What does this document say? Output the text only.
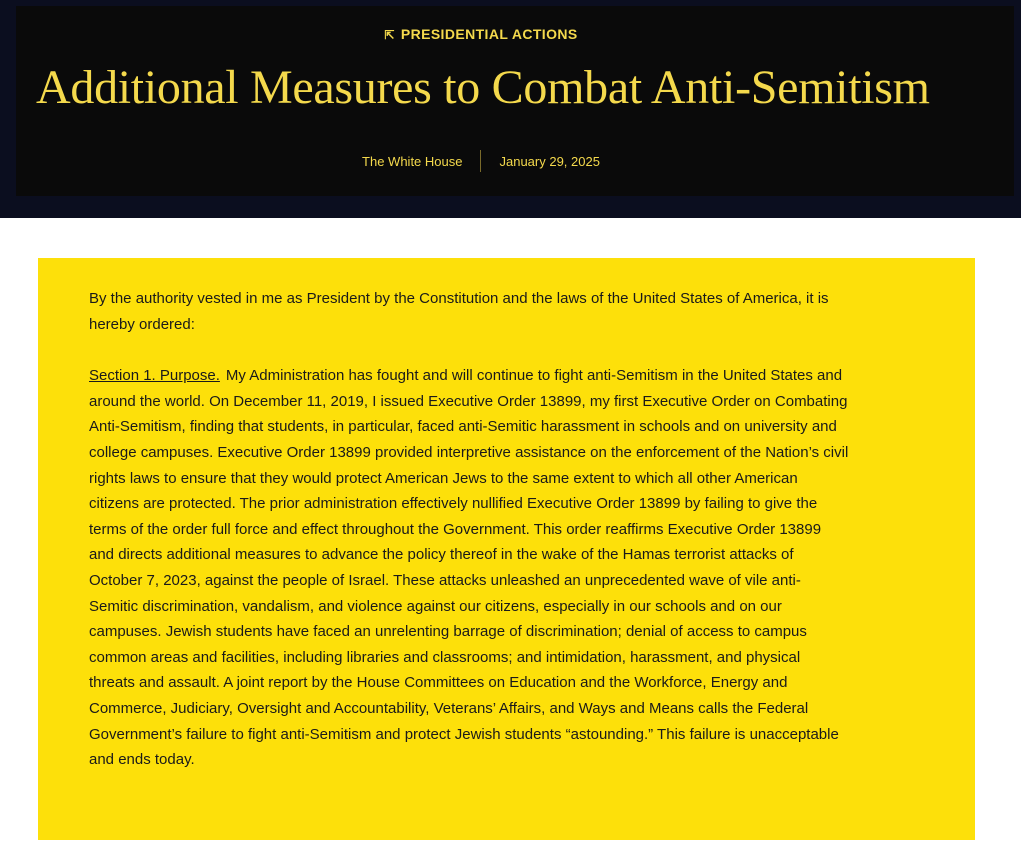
⇱ PRESIDENTIAL ACTIONS
Additional Measures to Combat Anti-Semitism
The White House	January 29, 2025

By the authority vested in me as President by the Constitution and the laws of the United States of America, it is hereby ordered:

Section 1. Purpose. My Administration has fought and will continue to fight anti-Semitism in the United States and around the world. On December 11, 2019, I issued Executive Order 13899, my first Executive Order on Combating Anti-Semitism, finding that students, in particular, faced anti-Semitic harassment in schools and on university and college campuses. Executive Order 13899 provided interpretive assistance on the enforcement of the Nation’s civil rights laws to ensure that they would protect American Jews to the same extent to which all other American citizens are protected. The prior administration effectively nullified Executive Order 13899 by failing to give the terms of the order full force and effect throughout the Government. This order reaffirms Executive Order 13899 and directs additional measures to advance the policy thereof in the wake of the Hamas terrorist attacks of October 7, 2023, against the people of Israel. These attacks unleashed an unprecedented wave of vile anti-Semitic discrimination, vandalism, and violence against our citizens, especially in our schools and on our campuses. Jewish students have faced an unrelenting barrage of discrimination; denial of access to campus common areas and facilities, including libraries and classrooms; and intimidation, harassment, and physical threats and assault. A joint report by the House Committees on Education and the Workforce, Energy and Commerce, Judiciary, Oversight and Accountability, Veterans’ Affairs, and Ways and Means calls the Federal Government’s failure to fight anti-Semitism and protect Jewish students “astounding.” This failure is unacceptable and ends today.
